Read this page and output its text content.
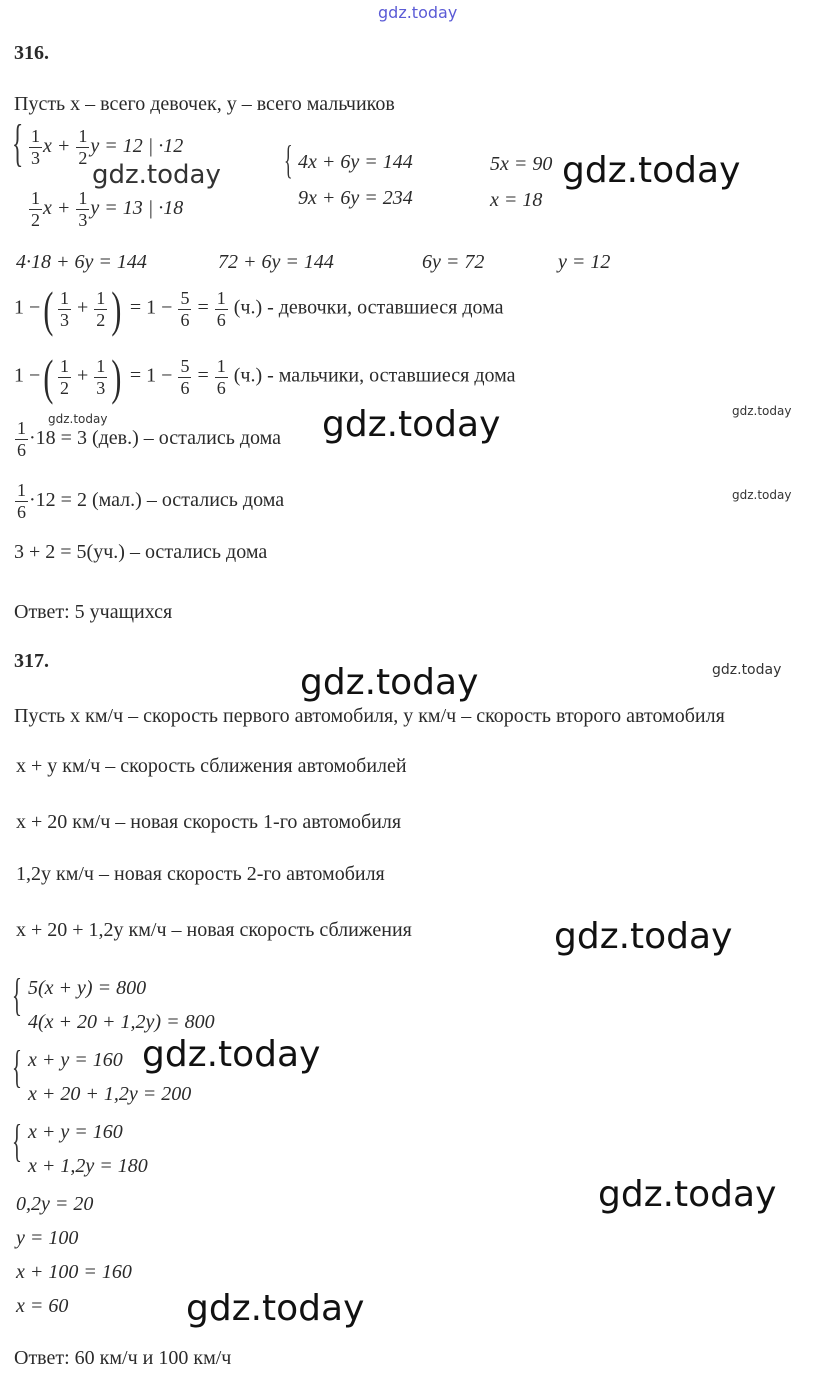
gdz.today
316.
Пусть x – всего девочек, y – всего мальчиков
{ $\frac{1}{3}$ $x + \frac{1}{2}$ y = 12 | ·12
$\frac{1}{2}$ $x + \frac{1}{3}$ y = 13 | ·18
{ 4x + 6y = 144
9x + 6y = 234
5x = 90
x = 18
4·18 + 6y = 144	72 + 6y = 144	6y = 72	y = 12
1 −( $\frac{1}{3} + \frac{1}{2}$ ) = $1 - \frac{5}{6} = \frac{1}{6} (ч.)$ - девочки, оставшиеся дома
1 −( $\frac{1}{2} + \frac{1}{3}$ ) = $1 - \frac{5}{6} = \frac{1}{6} (ч.)$ - мальчики, оставшиеся дома
$\frac{1}{6} \cdot 18 = 3$ (дев.) – остались дома
$\frac{1}{6} \cdot 12 = 2$ (мал.) – остались дома
3 + 2 = 5(уч.) – остались дома
Ответ: 5 учащихся
317.
Пусть x км/ч – скорость первого автомобиля, y км/ч – скорость второго автомобиля
x + y км/ч – скорость сближения автомобилей
x + 20 км/ч – новая скорость 1-го автомобиля
1,2y км/ч – новая скорость 2-го автомобиля
x + 20 + 1,2y км/ч – новая скорость сближения
{ 5(x + y) = 800
4(x + 20 + 1,2y) = 800
{ x + y = 160
x + 20 + 1,2y = 200
{ x + y = 160
x + 1,2y = 180
0,2y = 20
y = 100
x + 100 = 160
x = 60
Ответ: 60 км/ч и 100 км/ч
gdz.today	gdz.today
gdz.today	gdz.today	gdz.today
gdz.today
gdz.today
gdz.today
gdz.today
gdz.today
gdz.today
gdz.today
